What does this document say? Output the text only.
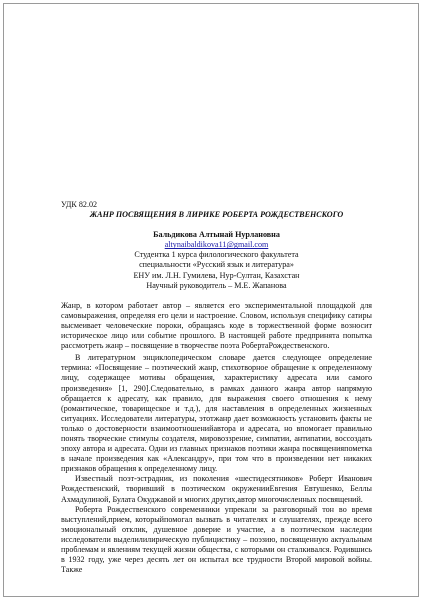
УДК 82.02

ЖАНР ПОСВЯЩЕНИЯ В ЛИРИКЕ РОБЕРТА РОЖДЕСТВЕНСКОГО

Бальдикова Алтынай Нурлановна

altynaibaldikova11@gmail.com

Студентка 1 курса филологического факультета

специальности «Русский язык и литература»

ЕНУ им. Л.Н. Гумилева, Нур-Султан, Казахстан

Научный руководитель – М.Е. Жапанова

Жанр, в котором работает автор – является его экспериментальной площадкой для самовыражения, определяя его цели и настроение. Словом, используя специфику сатиры высмеивает человеческие пороки, обращаясь коде в торжественной форме возносит историческое лицо или событие прошлого. В настоящей работе предпринята попытка рассмотреть жанр – посвящение в творчестве поэта РобертаРождественского.

В литературном энциклопедическом словаре дается следующее определение термина: «Посвящение – поэтический жанр, стихотворное обращение к определенному лицу, содержащее мотивы обращения, характеристику адресата или самого произведения» [1, 290].Следовательно, в рамках данного жанра автор напрямую обращается к адресату, как правило, для выражения своего отношения к нему (романтическое, товарищеское и т.д.), для наставления в определенных жизненных ситуациях. Исследователи литературы, этотжанр дает возможность установить факты не только о достоверности взаимоотношенийавтора и адресата, но впомогает правильно понять творческие стимулы создателя, мировоззрение, симпатии, антипатии, воссоздать эпоху автора и адресата. Одни из главных признаков поэтики жанра посвященияпометка в начале произведения как «Александру», при том что в произведении нет никаких признаков обращения к определенному лицу.

Известный поэт-эстрадник, из поколения «шестидесятников» Роберт Иванович Рождественский, творивший в поэтическом окруженииЕвгения Евтушенко, Беллы Ахмадулиной, Булата Окуджавой и многих других,автор многочисленных посвящений.

Роберта Рождественского современники упрекали за разговорный тон во время выступлений,прием, которыйпомогал вызвать в читателях и слушателях, прежде всего эмоциональный отклик, душевное доверие и участие, а в поэтическом наследии исследователи выделилилирическую публицистику – поэзию, посвященную актуальным проблемам и явлениям текущей жизни общества, с которыми он сталкивался. Родившись в 1932 году, уже через десять лет он испытал все трудности Второй мировой войны. Также
